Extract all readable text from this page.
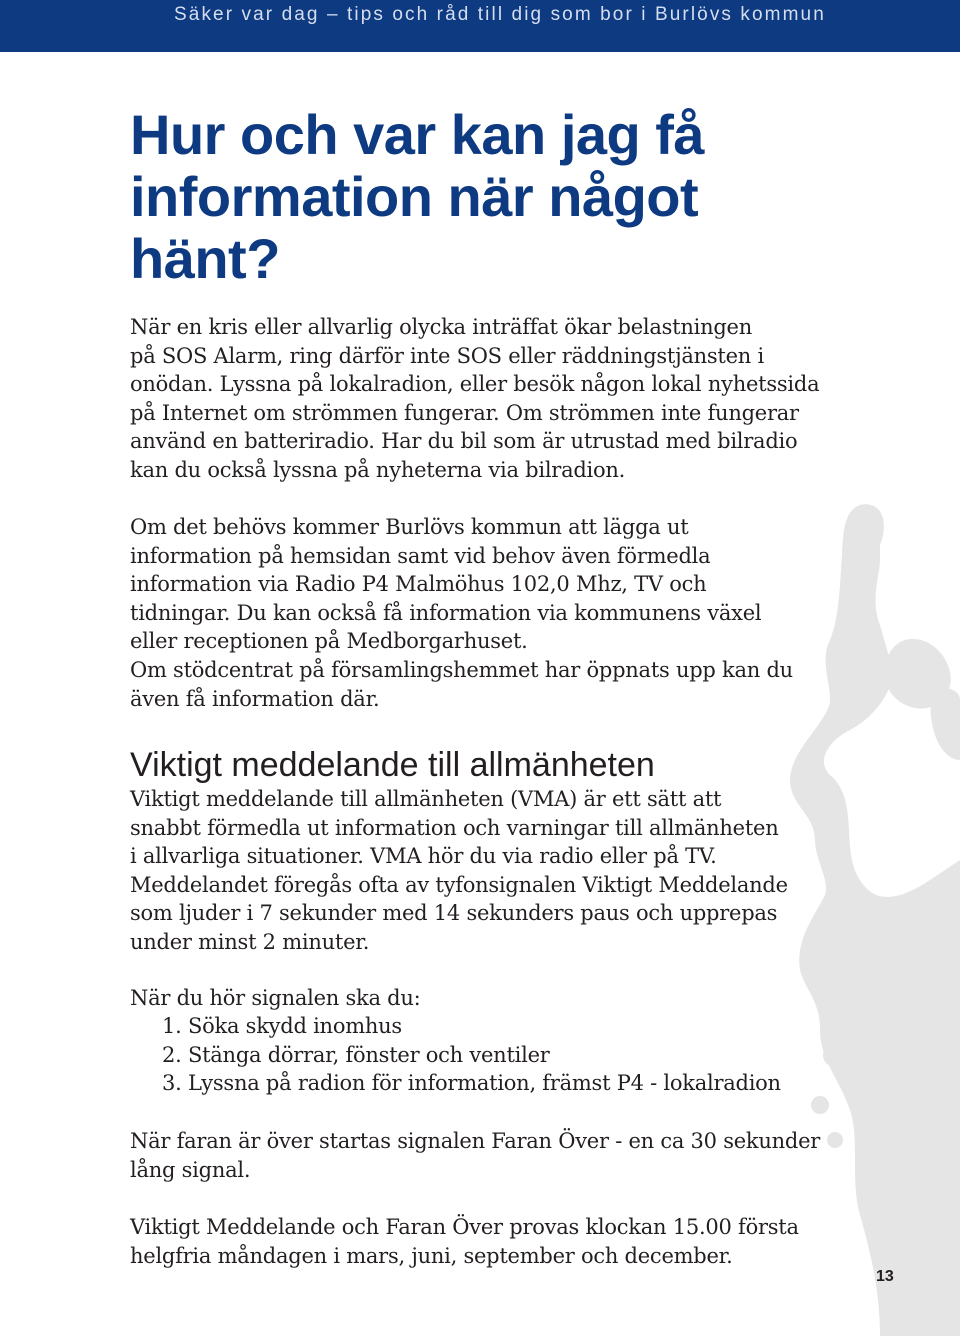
Säker var dag – tips och råd till dig som bor i Burlövs kommun
Hur och var kan jag få
information när något
hänt?

När en kris eller allvarlig olycka inträffat ökar belastningen
på SOS Alarm, ring därför inte SOS eller räddningstjänsten i
onödan. Lyssna på lokalradion, eller besök någon lokal nyhetssida
på Internet om strömmen fungerar. Om strömmen inte fungerar
använd en batteriradio. Har du bil som är utrustad med bilradio
kan du också lyssna på nyheterna via bilradion.

Om det behövs kommer Burlövs kommun att lägga ut
information på hemsidan samt vid behov även förmedla
information via Radio P4 Malmöhus 102,0 Mhz, TV och
tidningar. Du kan också få information via kommunens växel
eller receptionen på Medborgarhuset.
Om stödcentrat på församlingshemmet har öppnats upp kan du
även få information där.

Viktigt meddelande till allmänheten

Viktigt meddelande till allmänheten (VMA) är ett sätt att
snabbt förmedla ut information och varningar till allmänheten
i allvarliga situationer. VMA hör du via radio eller på TV.
Meddelandet föregås ofta av tyfonsignalen Viktigt Meddelande
som ljuder i 7 sekunder med 14 sekunders paus och upprepas
under minst 2 minuter.

När du hör signalen ska du:

1. Söka skydd inomhus
2. Stänga dörrar, fönster och ventiler
3. Lyssna på radion för information, främst P4 - lokalradion

När faran är över startas signalen Faran Över - en ca 30 sekunder
lång signal.

Viktigt Meddelande och Faran Över provas klockan 15.00 första
helgfria måndagen i mars, juni, september och december.

13
